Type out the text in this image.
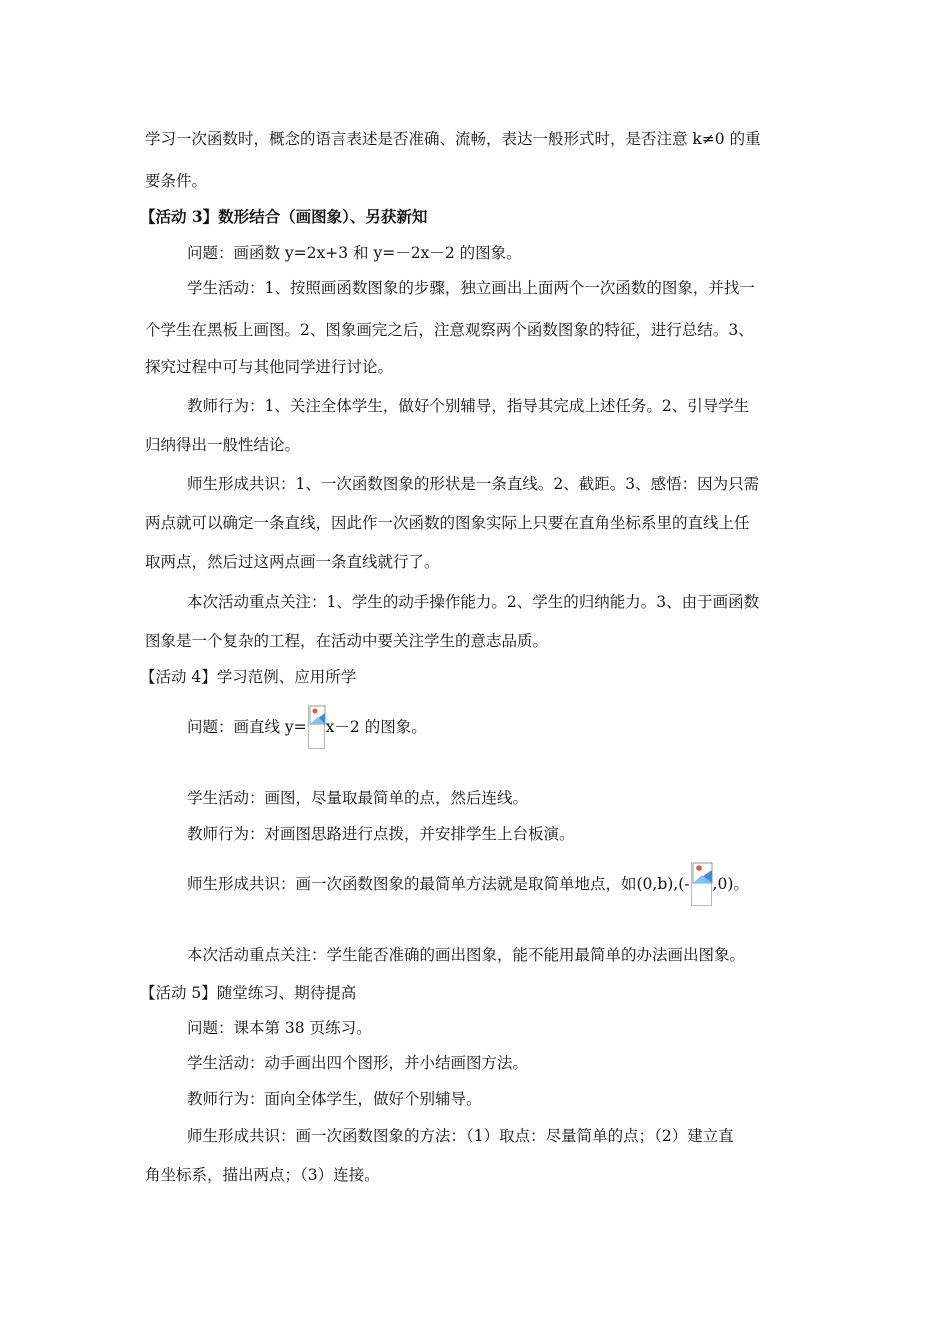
学习一次函数时，概念的语言表述是否准确、流畅，表达一般形式时，是否注意 k≠0 的重
要条件。
【活动 3】数形结合（画图象）、另获新知
问题：画函数 y=2x+3 和 y=－2x－2 的图象。
学生活动：1、按照画函数图象的步骤，独立画出上面两个一次函数的图象，并找一
个学生在黑板上画图。2、图象画完之后，注意观察两个函数图象的特征，进行总结。3、
探究过程中可与其他同学进行讨论。
教师行为：1、关注全体学生，做好个别辅导，指导其完成上述任务。2、引导学生
归纳得出一般性结论。
师生形成共识：1、一次函数图象的形状是一条直线。2、截距。3、感悟：因为只需
两点就可以确定一条直线，因此作一次函数的图象实际上只要在直角坐标系里的直线上任
取两点，然后过这两点画一条直线就行了。
本次活动重点关注：1、学生的动手操作能力。2、学生的归纳能力。3、由于画函数
图象是一个复杂的工程，在活动中要关注学生的意志品质。
【活动 4】学习范例、应用所学
问题：画直线 y= x－2 的图象。
学生活动：画图，尽量取最简单的点，然后连线。
教师行为：对画图思路进行点拨，并安排学生上台板演。
师生形成共识：画一次函数图象的最简单方法就是取简单地点，如(0,b),(- ,0)。
本次活动重点关注：学生能否准确的画出图象，能不能用最简单的办法画出图象。
【活动 5】随堂练习、期待提高
问题：课本第 38 页练习。
学生活动：动手画出四个图形，并小结画图方法。
教师行为：面向全体学生，做好个别辅导。
师生形成共识：画一次函数图象的方法：（1）取点：尽量简单的点；（2）建立直
角坐标系，描出两点；（3）连接。
